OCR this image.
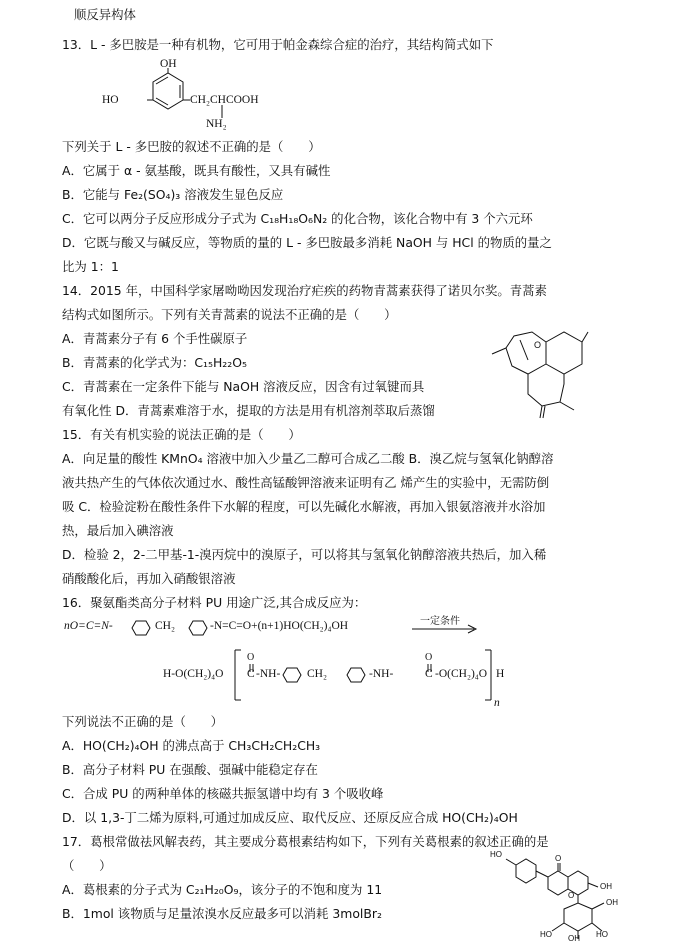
顺反异构体
13．L - 多巴胺是一种有机物，它可用于帕金森综合症的治疗，其结构简式如下
OH
HO	CH₂CHCOOH
NH₂
下列关于 L - 多巴胺的叙述不正确的是（　　）
A．它属于 α - 氨基酸，既具有酸性，又具有碱性
B．它能与 Fe₂(SO₄)₃ 溶液发生显色反应
C．它可以两分子反应形成分子式为 C₁₈H₁₈O₆N₂ 的化合物，该化合物中有 3 个六元环
D．它既与酸又与碱反应，等物质的量的 L - 多巴胺最多消耗 NaOH 与 HCl 的物质的量之
比为 1：1
14．2015 年，中国科学家屠呦呦因发现治疗疟疾的药物青蒿素获得了诺贝尔奖。青蒿素
结构式如图所示。下列有关青蒿素的说法不正确的是（　　）
A．青蒿素分子有 6 个手性碳原子
B．青蒿素的化学式为：C₁₅H₂₂O₅
C．青蒿素在一定条件下能与 NaOH 溶液反应，因含有过氧键而具
有氧化性 D．青蒿素难溶于水，提取的方法是用有机溶剂萃取后蒸馏
O
15．有关有机实验的说法正确的是（　　）
A．向足量的酸性 KMnO₄ 溶液中加入少量乙二醇可合成乙二酸 B．溴乙烷与氢氧化钠醇溶
液共热产生的气体依次通过水、酸性高锰酸钾溶液来证明有乙 烯产生的实验中，无需防倒
吸 C．检验淀粉在酸性条件下水解的程度，可以先碱化水解液，再加入银氨溶液并水浴加
热，最后加入碘溶液
D．检验 2，2-二甲基-1-溴丙烷中的溴原子，可以将其与氢氧化钠醇溶液共热后，加入稀
硝酸酸化后，再加入硝酸银溶液
16．聚氨酯类高分子材料 PU 用途广泛,其合成反应为：
nO=C=N-	CH₂	-N=C=O+(n+1)HO(CH₂)₄OH	一定条件
O	O
H-O(CH₂)₄O C -NH- CH₂	-NH-	C -O(CH₂)₄O H
n
下列说法不正确的是（　　）
A．HO(CH₂)₄OH 的沸点高于 CH₃CH₂CH₂CH₃
B．高分子材料 PU 在强酸、强碱中能稳定存在
C．合成 PU 的两种单体的核磁共振氢谱中均有 3 个吸收峰
D．以 1,3-丁二烯为原料,可通过加成反应、取代反应、还原反应合成 HO(CH₂)₄OH
17．葛根常做祛风解表药，其主要成分葛根素结构如下，下列有关葛根素的叙述正确的是
（　　）
A．葛根素的分子式为 C₂₁H₂₀O₉，该分子的不饱和度为 11
B．1mol 该物质与足量浓溴水反应最多可以消耗 3molBr₂
HO	O
O
OH
HO OH HO
OH
